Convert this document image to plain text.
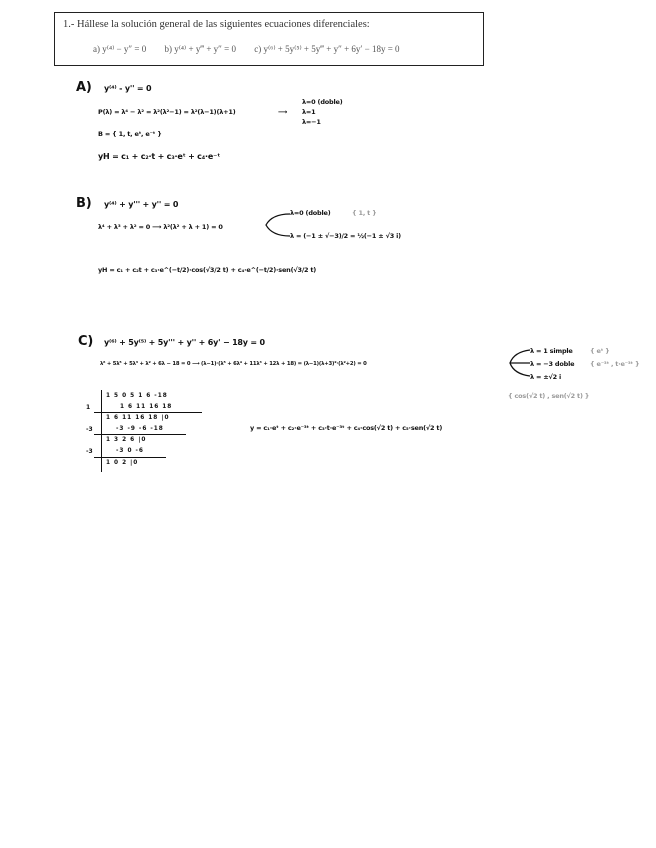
1.- Hállese la solución general de las siguientes ecuaciones diferenciales:
a) y⁽⁴⁾ − y″ = 0 b) y⁽⁴⁾ + y‴ + y″ = 0 c) y⁽⁶⁾ + 5y⁽⁵⁾ + 5y‴ + y″ + 6y′ − 18y = 0
A) y⁽⁴⁾ - y'' = 0
P(λ) = λ⁴ − λ² = λ²(λ²−1) = λ²(λ−1)(λ+1)	⟶
λ=0 (doble)
λ=1
λ=−1
B = { 1, t, eᵗ, e⁻ᵗ }
yH = c₁ + c₂·t + c₃·eᵗ + c₄·e⁻ᵗ
B) y⁽⁴⁾ + y''' + y'' = 0
λ⁴ + λ³ + λ² = 0 ⟶ λ²(λ² + λ + 1) = 0
λ=0 (doble)	{ 1, t }
λ = (−1 ± √−3)/2 = ½(−1 ± √3 i)
yH = c₁ + c₂t + c₃·e^(−t/2)·cos(√3/2 t) + c₄·e^(−t/2)·sen(√3/2 t)
C) y⁽⁶⁾ + 5y⁽⁵⁾ + 5y''' + y'' + 6y' − 18y = 0
λ⁶ + 5λ⁵ + 5λ³ + λ² + 6λ − 18 = 0 ⟶ (λ−1)·(λ⁵ + 6λ⁴ + 11λ³ + 12λ + 18) = (λ−1)(λ+3)²·(λ²+2) = 0
λ = 1 simple
λ = −3 doble
λ = ±√2 i
{ eᵗ }
{ e⁻³ᵗ , t·e⁻³ᵗ }
{ cos(√2 t) , sen(√2 t) }
1 5 0 5 1 6 -18
1	1 6 11 16 18
1 6 11 16 18 |0
-3	-3 -9 -6 -18
1 3 2 6 |0
-3	-3 0 -6
1 0 2 |0
y = c₁·eᵗ + c₂·e⁻³ᵗ + c₃·t·e⁻³ᵗ + c₄·cos(√2 t) + c₅·sen(√2 t)
